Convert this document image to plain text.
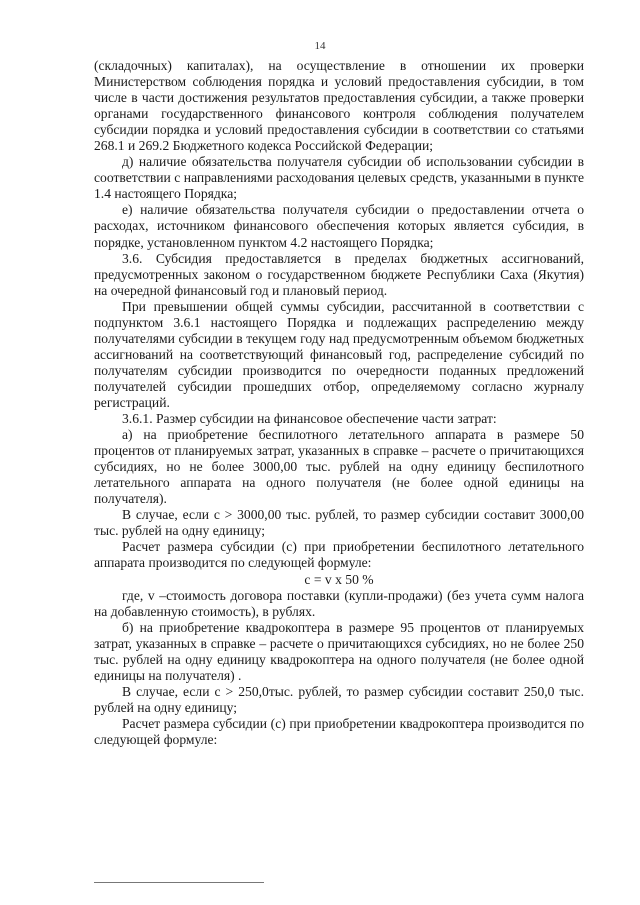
14

(складочных) капиталах), на осуществление в отношении их проверки Министерством соблюдения порядка и условий предоставления субсидии, в том числе в части достижения результатов предоставления субсидии, а также проверки органами государственного финансового контроля соблюдения получателем субсидии порядка и условий предоставления субсидии в соответствии со статьями 268.1 и 269.2 Бюджетного кодекса Российской Федерации;

д) наличие обязательства получателя субсидии об использовании субсидии в соответствии с направлениями расходования целевых средств, указанными в пункте 1.4 настоящего Порядка;

е) наличие обязательства получателя субсидии о предоставлении отчета о расходах, источником финансового обеспечения которых является субсидия, в порядке, установленном пунктом 4.2 настоящего Порядка;

3.6. Субсидия предоставляется в пределах бюджетных ассигнований, предусмотренных законом о государственном бюджете Республики Саха (Якутия) на очередной финансовый год и плановый период.

При превышении общей суммы субсидии, рассчитанной в соответствии с подпунктом 3.6.1 настоящего Порядка и подлежащих распределению между получателями субсидии в текущем году над предусмотренным объемом бюджетных ассигнований на соответствующий финансовый год, распределение субсидий по получателям субсидии производится по очередности поданных предложений получателей субсидии прошедших отбор, определяемому согласно журналу регистраций.

3.6.1. Размер субсидии на финансовое обеспечение части затрат:

а) на приобретение беспилотного летательного аппарата в размере 50 процентов от планируемых затрат, указанных в справке – расчете о причитающихся субсидиях, но не более 3000,00 тыс. рублей на одну единицу беспилотного летательного аппарата на одного получателя (не более одной единицы на получателя).

В случае, если c > 3000,00 тыс. рублей, то размер субсидии составит 3000,00 тыс. рублей на одну единицу;

Расчет размера субсидии (с) при приобретении беспилотного летательного аппарата производится по следующей формуле:

c = v x 50 %

где, v –стоимость договора поставки (купли-продажи) (без учета сумм налога на добавленную стоимость), в рублях.

б) на приобретение квадрокоптера в размере 95 процентов от планируемых затрат, указанных в справке – расчете о причитающихся субсидиях, но не более 250 тыс. рублей на одну единицу квадрокоптера на одного получателя (не более одной единицы на получателя) .

В случае, если c > 250,0тыс. рублей, то размер субсидии составит 250,0 тыс. рублей на одну единицу;

Расчет размера субсидии (с) при приобретении квадрокоптера производится по следующей формуле:
